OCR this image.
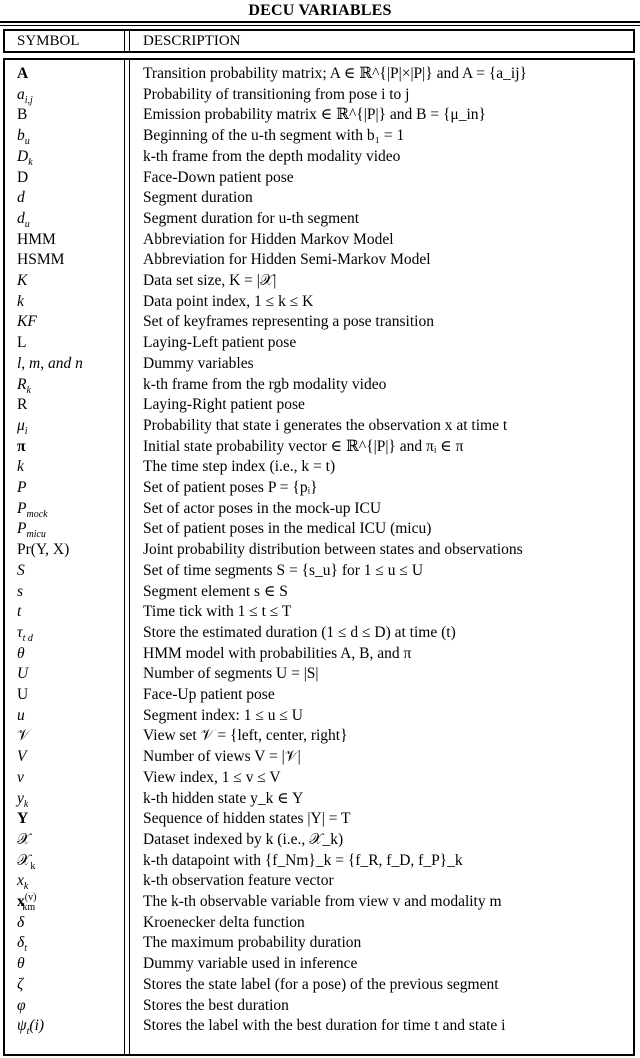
DECU VARIABLES
SYMBOL	DESCRIPTION
A	Transition probability matrix; A ∈ ℝ^{|P|×|P|} and A = {a_ij}
$a_{i,j}$	Probability of transitioning from pose i to j
B	Emission probability matrix ∈ ℝ^{|P|} and B = {μ_in}
$b_u$	Beginning of the u-th segment with b₁ = 1
$D_k$	k-th frame from the depth modality video
D	Face-Down patient pose
d	Segment duration
$d_u$	Segment duration for u-th segment
HMM	Abbreviation for Hidden Markov Model
HSMM	Abbreviation for Hidden Semi-Markov Model
K	Data set size, K = |𝒳|
k	Data point index, 1 ≤ k ≤ K
KF	Set of keyframes representing a pose transition
L	Laying-Left patient pose
l, m, and n	Dummy variables
$R_k$	k-th frame from the rgb modality video
R	Laying-Right patient pose
$\mu_i$	Probability that state i generates the observation x at time t
π	Initial state probability vector ∈ ℝ^{|P|} and πᵢ ∈ π
k	The time step index (i.e., k = t)
P	Set of patient poses P = {pᵢ}
$P_{mock}$	Set of actor poses in the mock-up ICU
$P_{micu}$	Set of patient poses in the medical ICU (micu)
Pr(Y, X)	Joint probability distribution between states and observations
S	Set of time segments S = {s_u} for 1 ≤ u ≤ U
s	Segment element s ∈ S
t	Time tick with 1 ≤ t ≤ T
$\tau_{t d}$	Store the estimated duration (1 ≤ d ≤ D) at time (t)
θ	HMM model with probabilities A, B, and π
U	Number of segments U = |S|
U	Face-Up patient pose
u	Segment index: 1 ≤ u ≤ U
𝒱	View set 𝒱 = {left, center, right}
V	Number of views V = |𝒱|
v	View index, 1 ≤ v ≤ V
$y_k$	k-th hidden state y_k ∈ Y
Y	Sequence of hidden states |Y| = T
𝒳	Dataset indexed by k (i.e., 𝒳_k)
𝒳$_k$	k-th datapoint with {f_Nm}_k = {f_R, f_D, f_P}_k
$x_k$	k-th observation feature vector
$x^{(v)}_{km}$	The k-th observable variable from view v and modality m
δ	Kroenecker delta function
$\delta_t$	The maximum probability duration
θ	Dummy variable used in inference
ζ	Stores the state label (for a pose) of the previous segment
φ	Stores the best duration
$\psi_t(i)$	Stores the label with the best duration for time t and state i
